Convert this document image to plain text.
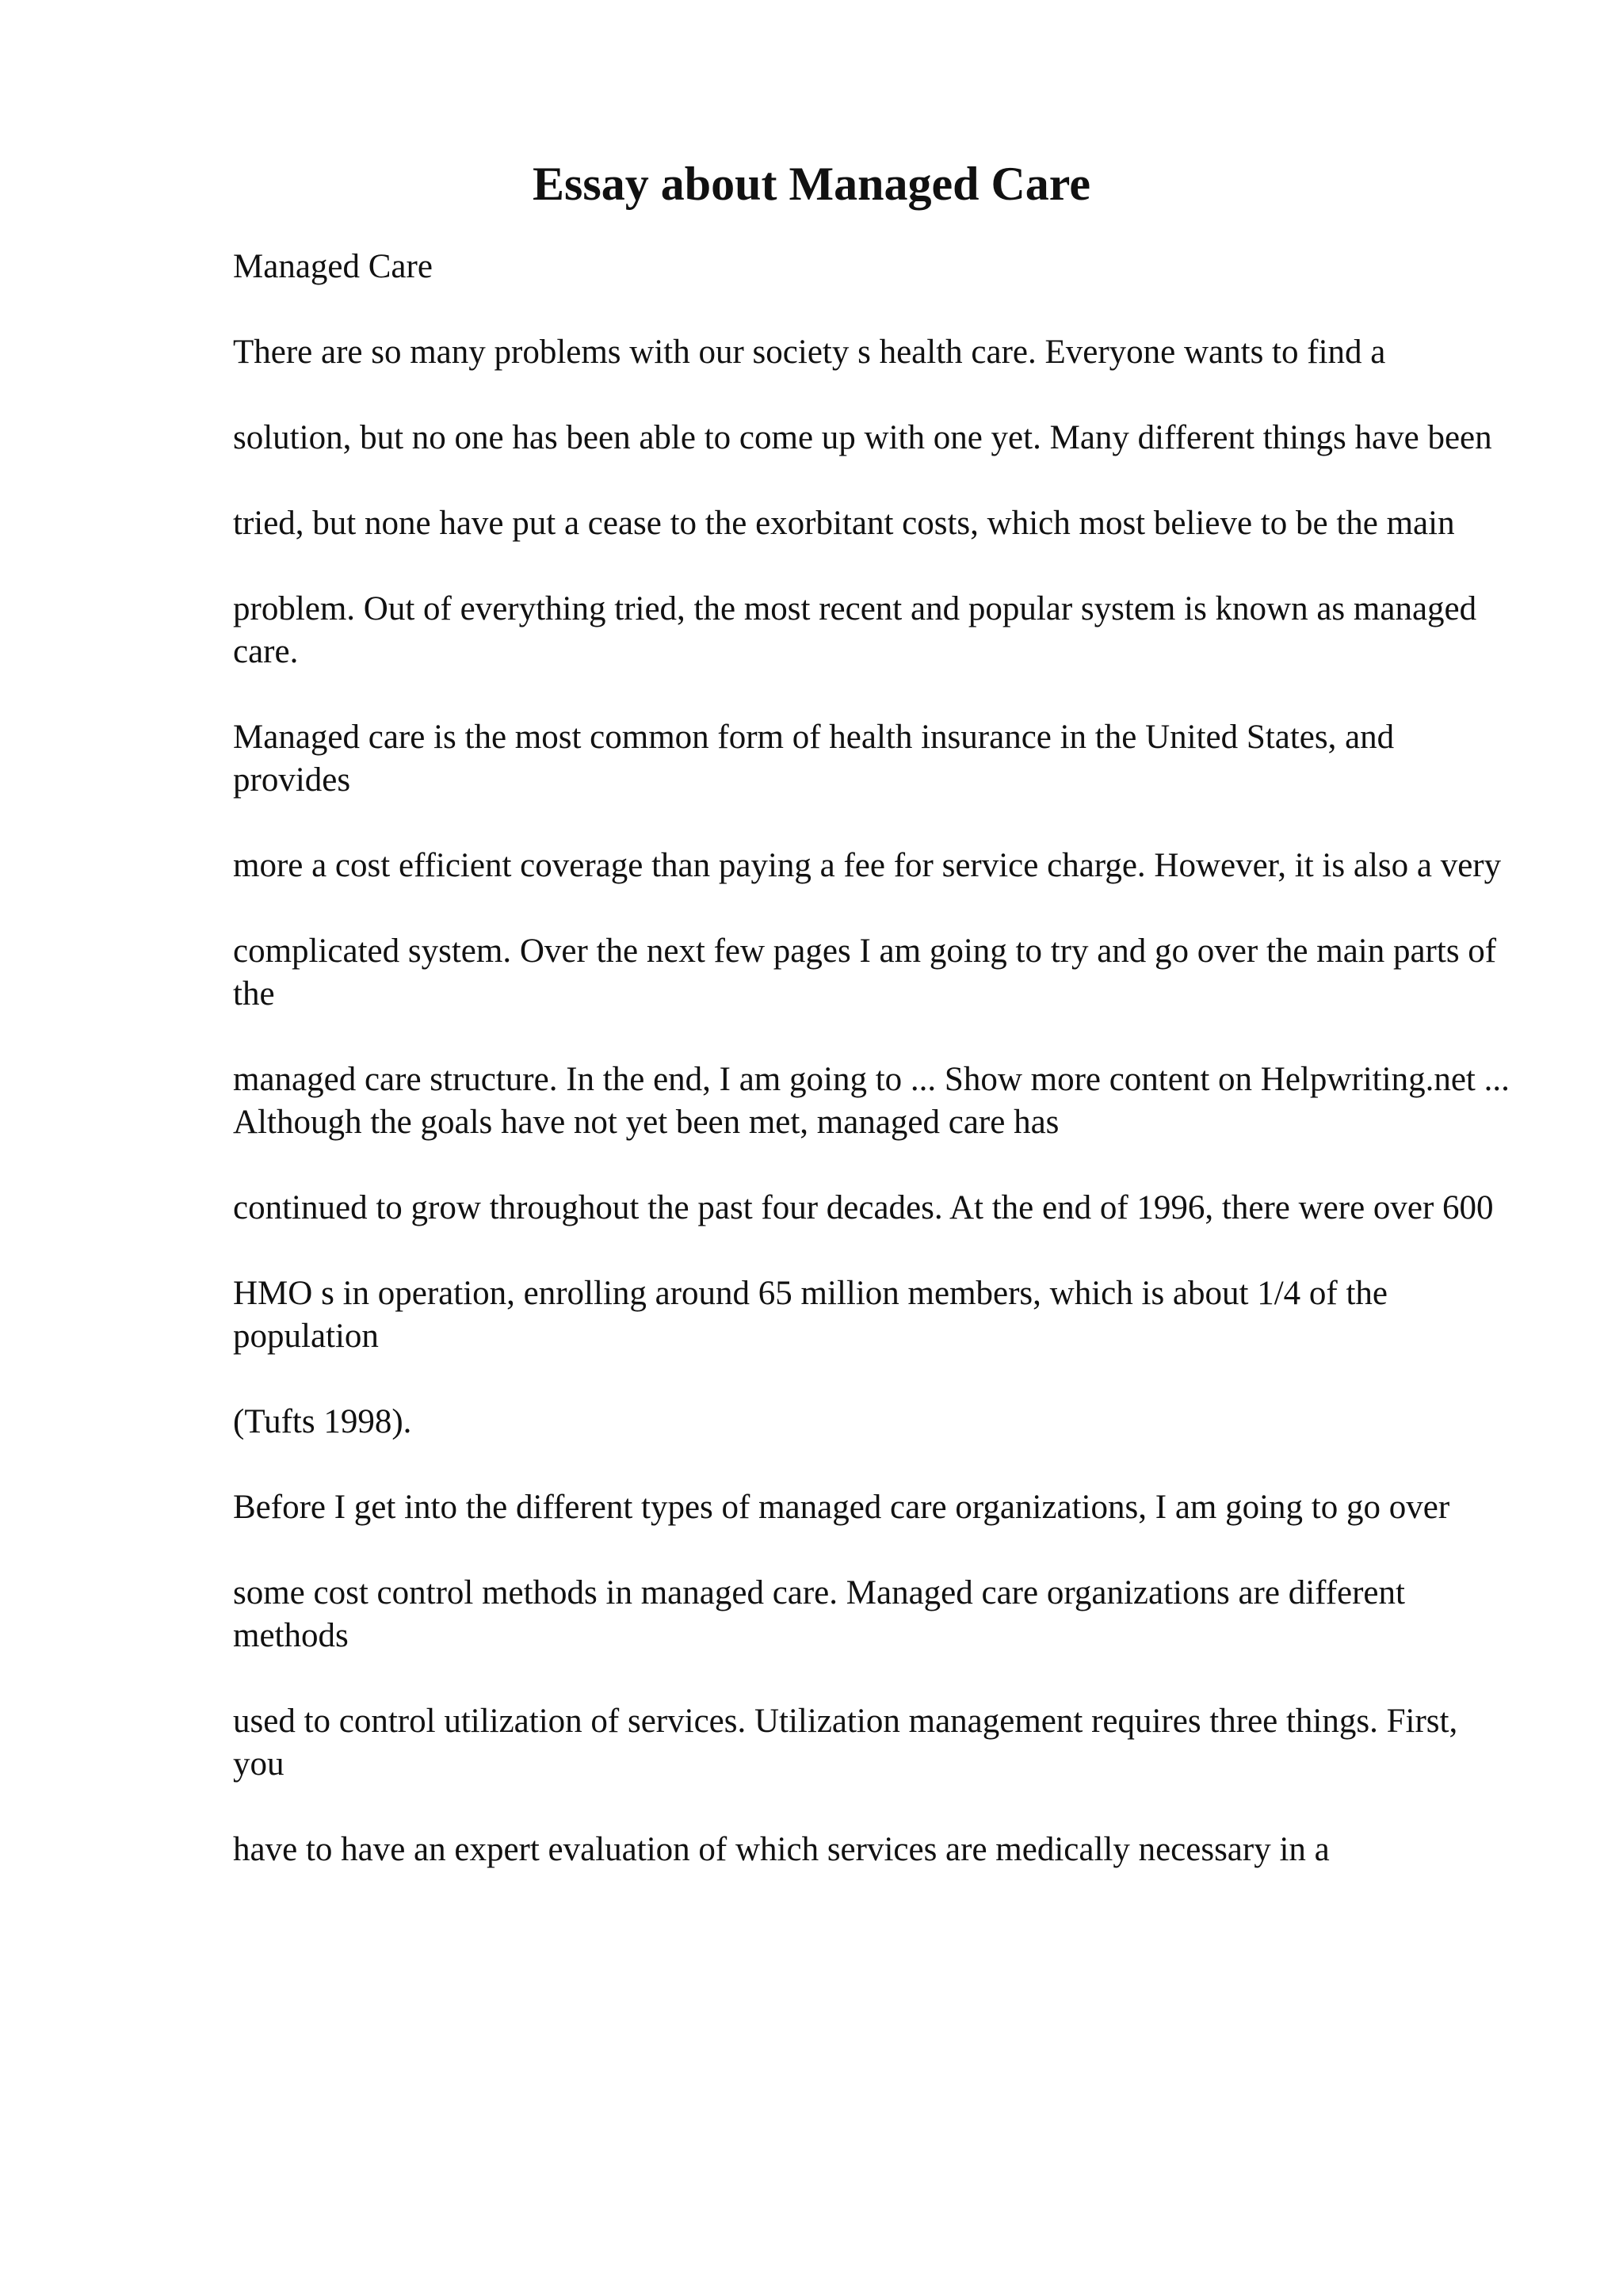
Essay about Managed Care

Managed Care

There are so many problems with our society s health care. Everyone wants to find a

solution, but no one has been able to come up with one yet. Many different things have been

tried, but none have put a cease to the exorbitant costs, which most believe to be the main

problem. Out of everything tried, the most recent and popular system is known as managed care.

Managed care is the most common form of health insurance in the United States, and provides

more a cost efficient coverage than paying a fee for service charge. However, it is also a very

complicated system. Over the next few pages I am going to try and go over the main parts of the

managed care structure. In the end, I am going to ... Show more content on Helpwriting.net ...

Although the goals have not yet been met, managed care has

continued to grow throughout the past four decades. At the end of 1996, there were over 600

HMO s in operation, enrolling around 65 million members, which is about 1/4 of the population

(Tufts 1998).

Before I get into the different types of managed care organizations, I am going to go over

some cost control methods in managed care. Managed care organizations are different methods

used to control utilization of services. Utilization management requires three things. First, you

have to have an expert evaluation of which services are medically necessary in a
